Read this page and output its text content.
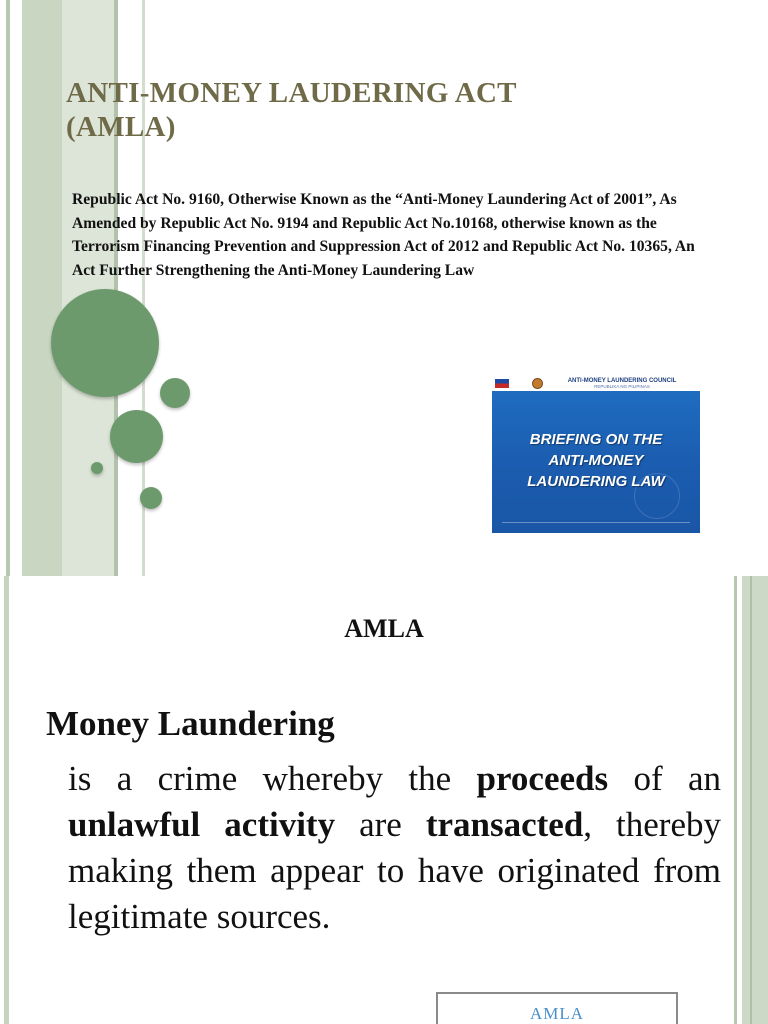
ANTI-MONEY LAUDERING ACT
(AMLA)

Republic Act No. 9160, Otherwise Known as the “Anti-Money Laundering Act of 2001”, As Amended by Republic Act No. 9194 and Republic Act No.10168, otherwise known as the Terrorism Financing Prevention and Suppression Act of 2012 and Republic Act No. 10365, An Act Further Strengthening the Anti-Money Laundering Law

ANTI-MONEY LAUNDERING COUNCIL
REPUBLIKA NG PILIPINAS
BRIEFING ON THE
ANTI-MONEY
LAUNDERING LAW
AMLA

Money Laundering

is a crime whereby the proceeds of an unlawful activity are transacted, thereby making them appear to have originated from legitimate sources.

AMLA
